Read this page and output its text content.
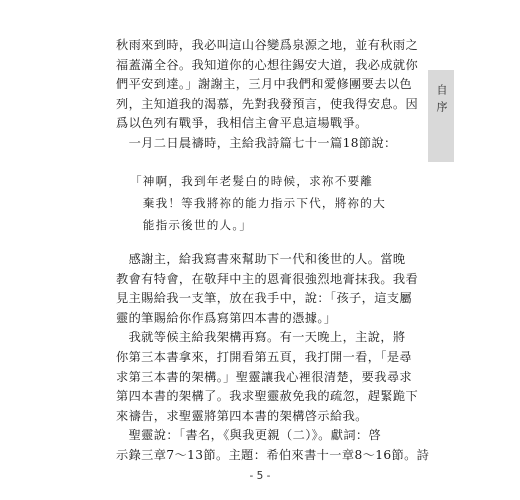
秋雨來到時，我必叫這山谷變爲泉源之地，並有秋雨之
福蓋滿全谷。我知道你的心想往錫安大道，我必成就你
們平安到達。」謝謝主，三月中我們和愛修團要去以色
列，主知道我的渴慕，先對我發預言，使我得安息。因
爲以色列有戰爭，我相信主會平息這場戰爭。
　一月二日晨禱時，主給我詩篇七十一篇18節說：
「神啊，我到年老髮白的時候，求祢不要離
　棄我！等我將祢的能力指示下代，將祢的大
　能指示後世的人。」
　感謝主，給我寫書來幫助下一代和後世的人。當晚
教會有特會，在敬拜中主的恩膏很強烈地膏抹我。我看
見主賜給我一支筆，放在我手中，說：「孩子，這支屬
靈的筆賜給你作爲寫第四本書的憑據。」
　我就等候主給我架構再寫。有一天晚上，主說，將
你第三本書拿來，打開看第五頁，我打開一看，「是尋
求第三本書的架構。」聖靈讓我心裡很清楚，要我尋求
第四本書的架構了。我求聖靈赦免我的疏忽，趕緊跪下
來禱告，求聖靈將第四本書的架構啓示給我。
　聖靈說：「書名，《與我更親（二）》。獻詞：啓
示錄三章7～13節。主題：希伯來書十一章8～16節。詩
自序
- 5 -
